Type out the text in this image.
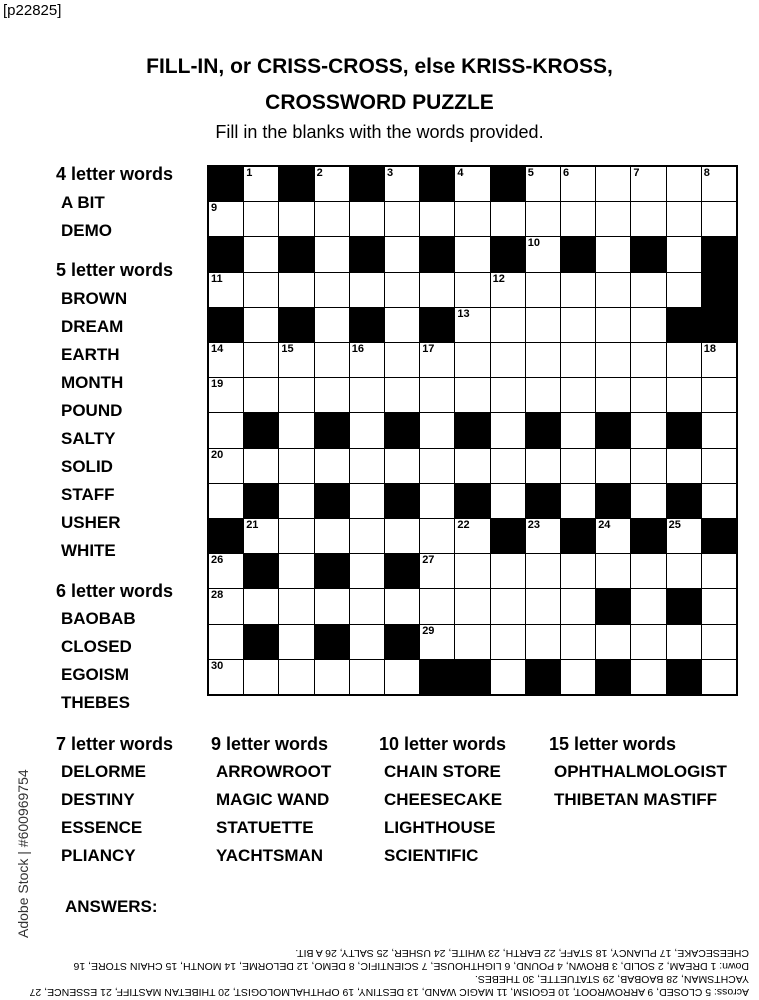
[p22825]
FILL-IN, or CRISS-CROSS, else KRISS-KROSS,
CROSSWORD PUZZLE
Fill in the blanks with the words provided.
4 letter words
A BIT
DEMO
5 letter words
BROWN
DREAM
EARTH
MONTH
POUND
SALTY
SOLID
STAFF
USHER
WHITE
6 letter words
BAOBAB
CLOSED
EGOISM
THEBES
7 letter words
DELORME
DESTINY
ESSENCE
PLIANCY
9 letter words
ARROWROOT
MAGIC WAND
STATUETTE
YACHTSMAN
10 letter words
CHAIN STORE
CHEESECAKE
LIGHTHOUSE
SCIENTIFIC
15 letter words
OPHTHALMOLOGIST
THIBETAN MASTIFF
1	2	3	4	5	6	7	8
9
10
11	12
13
14	15	16	17	18
19
20
21	22	23	24	25
26	27
28
29
30
Adobe Stock | #600969754 ANSWERS:

Across: 5 CLOSED, 9 ARROWROOT, 10 EGOISM, 11 MAGIC WAND, 13 DESTINY, 19 OPHTHALMOLOGIST, 20 THIBETAN MASTIFF, 21 ESSENCE, 27 YACHTSMAN, 28 BAOBAB, 29 STATUETTE, 30 THEBES.

Down: 1 DREAM, 2 SOLID, 3 BROWN, 4 POUND, 6 LIGHTHOUSE, 7 SCIENTIFIC, 8 DEMO, 12 DELORME, 14 MONTH, 15 CHAIN STORE, 16 CHEESECAKE, 17 PLIANCY, 18 STAFF, 22 EARTH, 23 WHITE, 24 USHER, 25 SALTY, 26 A BIT.
